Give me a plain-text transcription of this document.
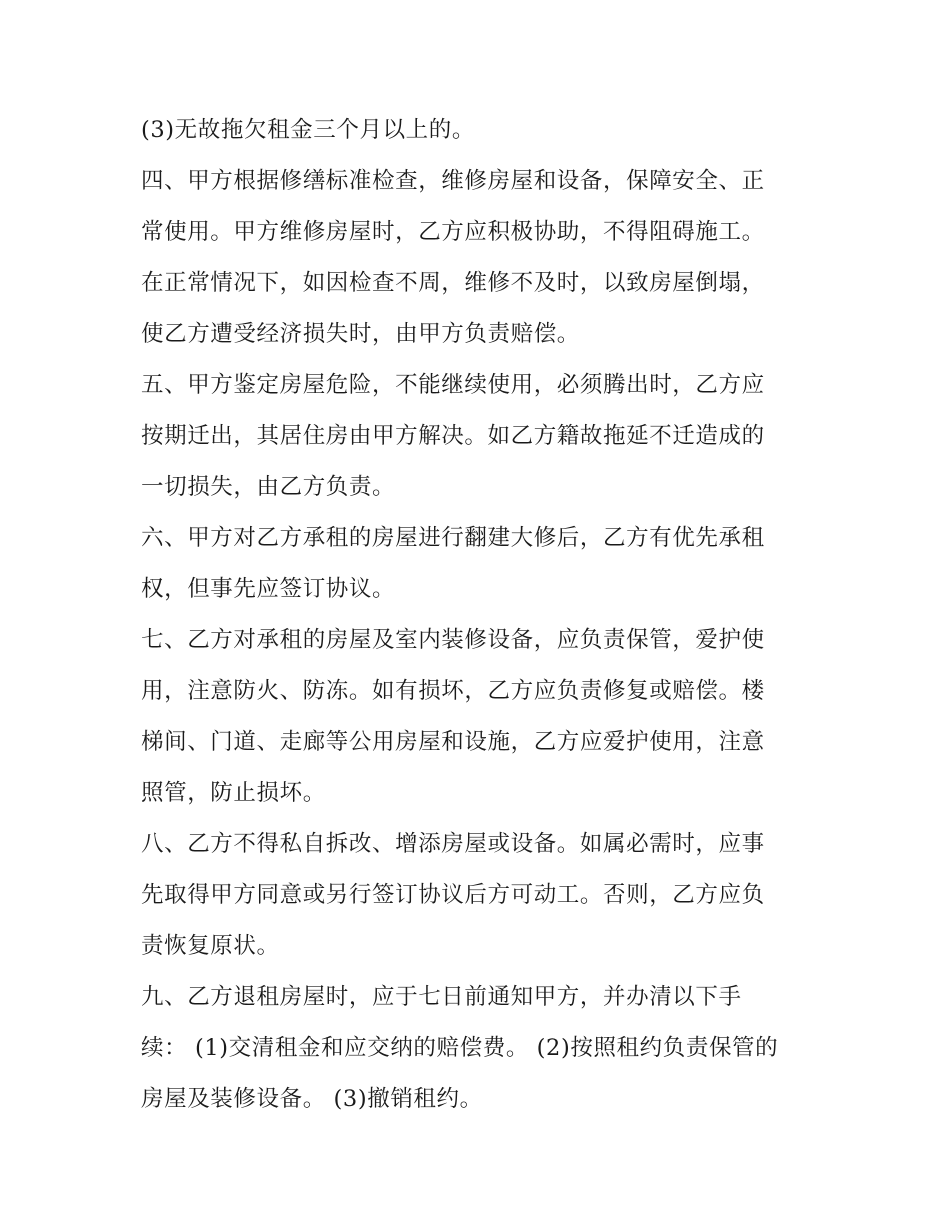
(3)无故拖欠租金三个月以上的。
四、甲方根据修缮标准检查，维修房屋和设备，保障安全、正
常使用。甲方维修房屋时，乙方应积极协助，不得阻碍施工。
在正常情况下，如因检查不周，维修不及时，以致房屋倒塌，
使乙方遭受经济损失时，由甲方负责赔偿。
五、甲方鉴定房屋危险，不能继续使用，必须腾出时，乙方应
按期迁出，其居住房由甲方解决。如乙方籍故拖延不迁造成的
一切损失，由乙方负责。
六、甲方对乙方承租的房屋进行翻建大修后，乙方有优先承租
权，但事先应签订协议。
七、乙方对承租的房屋及室内装修设备，应负责保管，爱护使
用，注意防火、防冻。如有损坏，乙方应负责修复或赔偿。楼
梯间、门道、走廊等公用房屋和设施，乙方应爱护使用，注意
照管，防止损坏。
八、乙方不得私自拆改、增添房屋或设备。如属必需时，应事
先取得甲方同意或另行签订协议后方可动工。否则，乙方应负
责恢复原状。
九、乙方退租房屋时，应于七日前通知甲方，并办清以下手
续： (1)交清租金和应交纳的赔偿费。 (2)按照租约负责保管的
房屋及装修设备。 (3)撤销租约。
